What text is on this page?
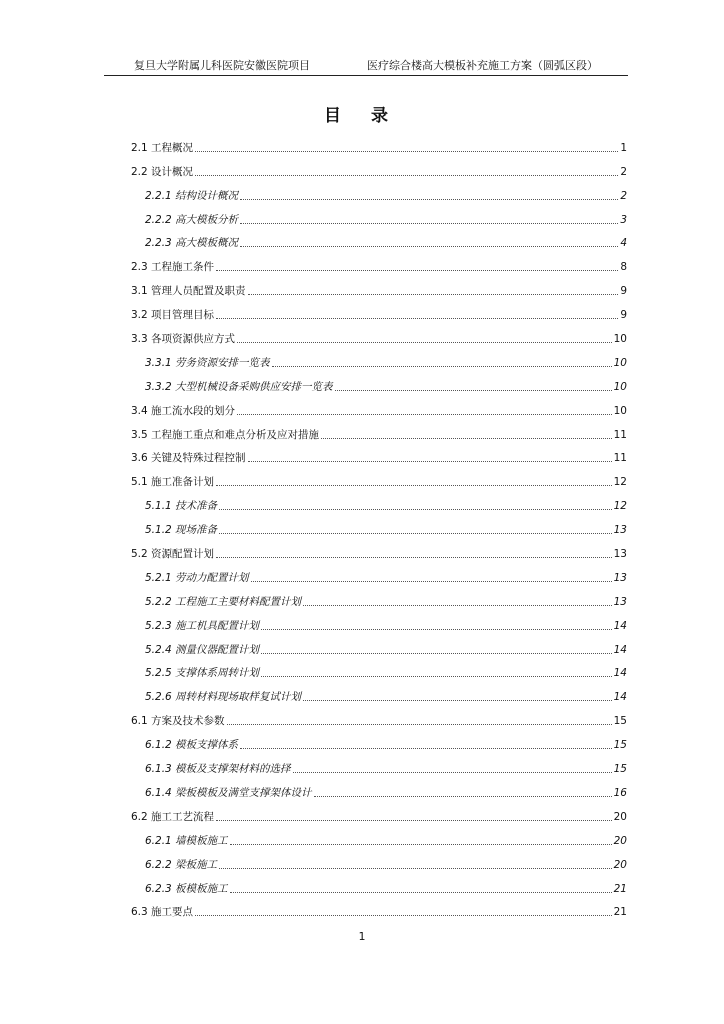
复旦大学附属儿科医院安徽医院项目	医疗综合楼高大模板补充施工方案（圆弧区段）
目 录
2.1 工程概况	1
2.2 设计概况	2
2.2.1 结构设计概况	2
2.2.2 高大模板分析	3
2.2.3 高大模板概况	4
2.3 工程施工条件	8
3.1 管理人员配置及职责	9
3.2 项目管理目标	9
3.3 各项资源供应方式	10
3.3.1 劳务资源安排一览表	10
3.3.2 大型机械设备采购供应安排一览表	10
3.4 施工流水段的划分	10
3.5 工程施工重点和难点分析及应对措施	11
3.6 关键及特殊过程控制	11
5.1 施工准备计划	12
5.1.1 技术准备	12
5.1.2 现场准备	13
5.2 资源配置计划	13
5.2.1 劳动力配置计划	13
5.2.2 工程施工主要材料配置计划	13
5.2.3 施工机具配置计划	14
5.2.4 测量仪器配置计划	14
5.2.5 支撑体系周转计划	14
5.2.6 周转材料现场取样复试计划	14
6.1 方案及技术参数	15
6.1.2 模板支撑体系	15
6.1.3 模板及支撑架材料的选择	15
6.1.4 梁板模板及满堂支撑架体设计	16
6.2 施工工艺流程	20
6.2.1 墙模板施工	20
6.2.2 梁板施工	20
6.2.3 板模板施工	21
6.3 施工要点	21
1
